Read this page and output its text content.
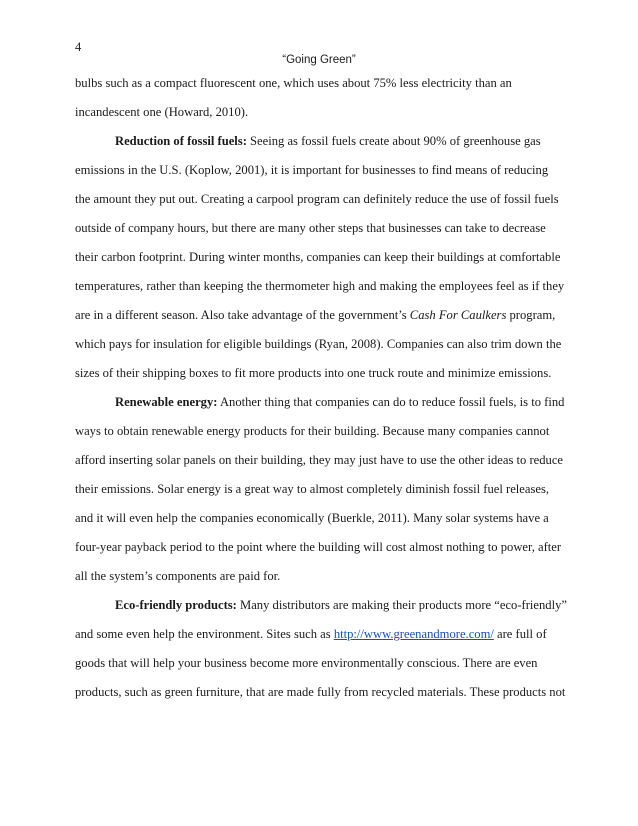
4
“Going Green”
bulbs such as a compact fluorescent one, which uses about 75% less electricity than an
incandescent one (Howard, 2010).
Reduction of fossil fuels: Seeing as fossil fuels create about 90% of greenhouse gas
emissions in the U.S. (Koplow, 2001), it is important for businesses to find means of reducing
the amount they put out. Creating a carpool program can definitely reduce the use of fossil fuels
outside of company hours, but there are many other steps that businesses can take to decrease
their carbon footprint. During winter months, companies can keep their buildings at comfortable
temperatures, rather than keeping the thermometer high and making the employees feel as if they
are in a different season. Also take advantage of the government’s Cash For Caulkers program,
which pays for insulation for eligible buildings (Ryan, 2008). Companies can also trim down the
sizes of their shipping boxes to fit more products into one truck route and minimize emissions.
Renewable energy: Another thing that companies can do to reduce fossil fuels, is to find
ways to obtain renewable energy products for their building. Because many companies cannot
afford inserting solar panels on their building, they may just have to use the other ideas to reduce
their emissions. Solar energy is a great way to almost completely diminish fossil fuel releases,
and it will even help the companies economically (Buerkle, 2011). Many solar systems have a
four-year payback period to the point where the building will cost almost nothing to power, after
all the system’s components are paid for.
Eco-friendly products: Many distributors are making their products more “eco-friendly”
and some even help the environment. Sites such as http://www.greenandmore.com/ are full of
goods that will help your business become more environmentally conscious. There are even
products, such as green furniture, that are made fully from recycled materials. These products not
